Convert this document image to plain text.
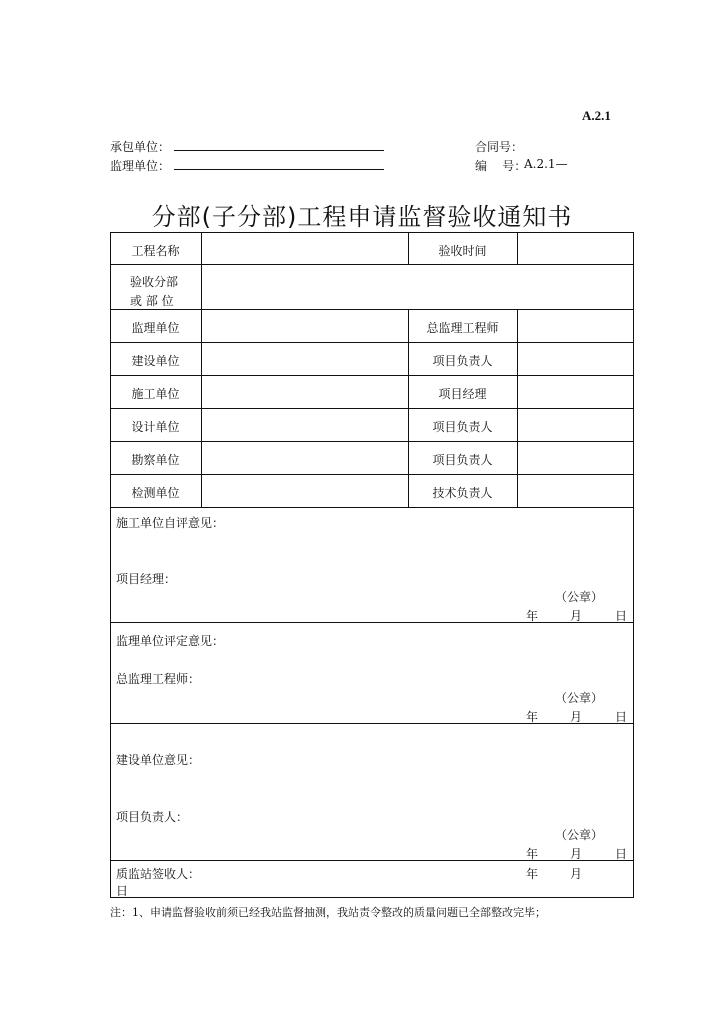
A.2.1
承包单位：
监理单位：
合同号：
编    号：
A.2.1—
分部(子分部)工程申请监督验收通知书
工程名称	验收时间
验收分部
或 部 位
监理单位	总监理工程师
建设单位	项目负责人
施工单位	项目经理
设计单位	项目负责人
勘察单位	项目负责人
检测单位	技术负责人
施工单位自评意见：
项目经理：
（公章）
年	月	日
监理单位评定意见：
总监理工程师：
（公章）
年	月	日
建设单位意见：
项目负责人：
（公章）
年	月	日
质监站签收人：	年	月
日
注：1、申请监督验收前须已经我站监督抽测，我站责令整改的质量问题已全部整改完毕；
